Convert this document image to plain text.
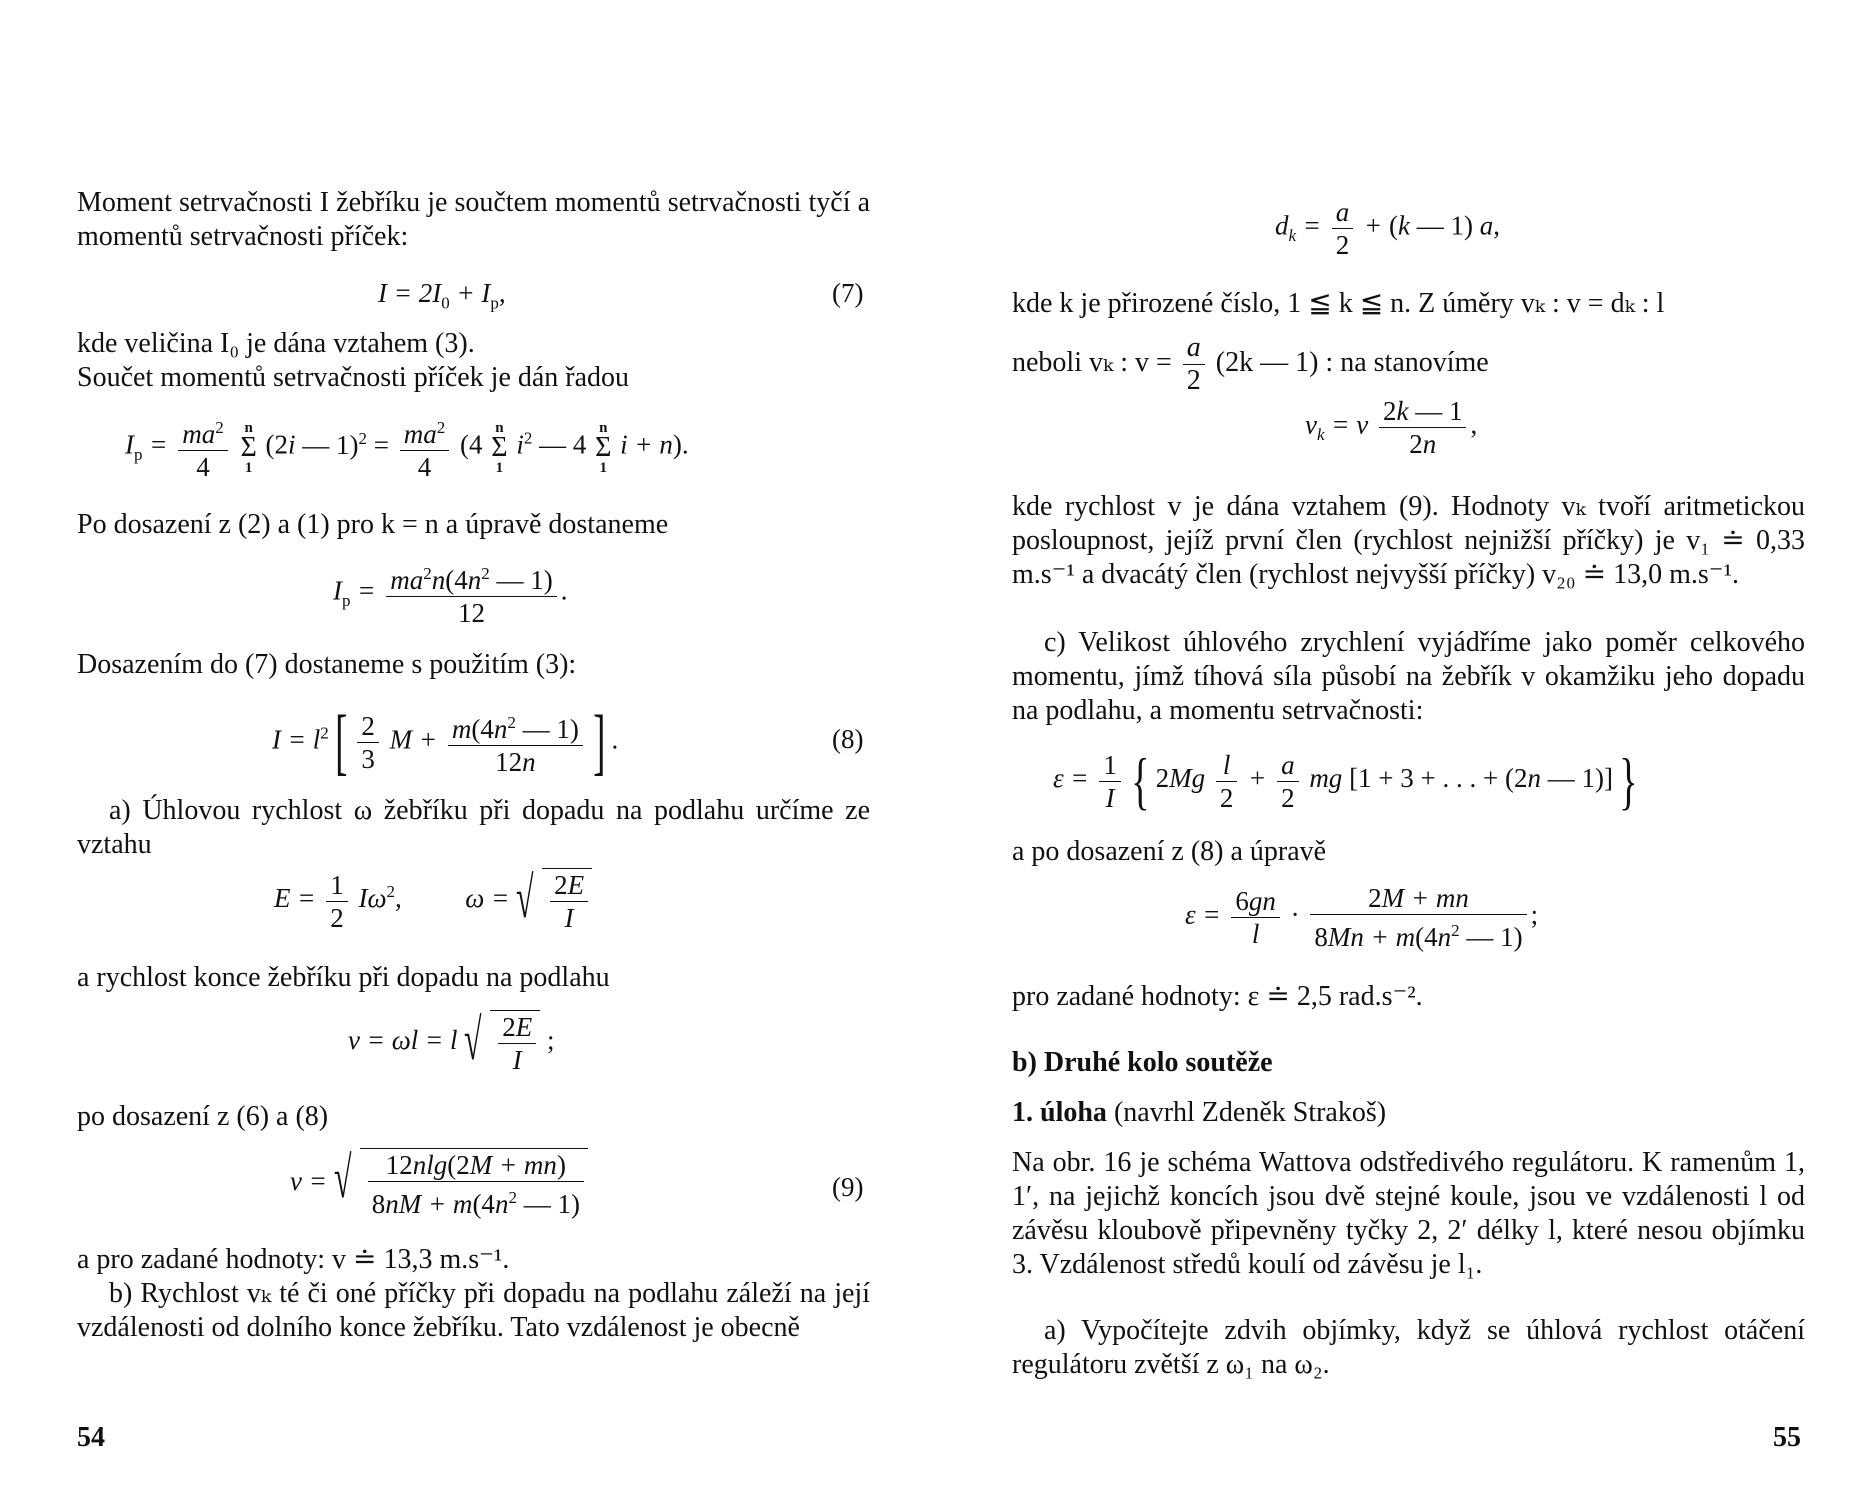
Moment setrvačnosti I žebříku je součtem momentů setrvačnosti tyčí a momentů setrvačnosti příček:
$I = 2I_0 + I_p$,	(7)
kde veličina I₀ je dána vztahem (3).
Součet momentů setrvačnosti příček je dán řadou
$I_p = \frac{ma^2}{4}$
n
Σ
1
(2i — $1)^2 = \frac{ma^2}{4} (4$
n
Σ
1
$i^2$ — 4
n
Σ
1
i + n).
Po dosazení z (2) a (1) pro k = n a úpravě dostaneme
$I_p = \frac{ma^2n(4n^2 — 1)}{12}$ .
Dosazením do (7) dostaneme s použitím (3):
$I = l^2[ \frac{2}{3}$ $M + \frac{m(4n^2 — 1)}{12n}$ ] .	(8)
a) Úhlovou rychlost ω žebříku při dopadu na podlahu určíme ze vztahu
$E = \frac{1}{2} I\omega^2$,  ω = √ $\frac{2E}{I}$
a rychlost konce žebříku při dopadu na podlahu
v = ωl = l √ $\frac{2E}{I}$ ;
po dosazení z (6) a (8)
v = √ $\frac{12nlg(2M + mn)}{8nM + m(4n^2 — 1)}$	(9)
a pro zadané hodnoty: v ≐ 13,3 m.s⁻¹.
b) Rychlost vₖ té či oné příčky při dopadu na podlahu záleží na její vzdálenosti od dolního konce žebříku. Tato vzdálenost je obecně
54
$d_k = \frac{a}{2} + (k$ — 1) a,
kde k je přirozené číslo, 1 ≦ k ≦ n. Z úměry vₖ : v = dₖ : l
neboli vₖ : $v = \frac{a}{2} (2k$ — 1) : na stanovíme
$v_k = v \frac{2k — 1}{2n}$ ,
kde rychlost v je dána vztahem (9). Hodnoty vₖ tvoří aritmetickou posloupnost, jejíž první člen (rychlost nejnižší příčky) je v₁ ≐ 0,33 m.s⁻¹ a dvacátý člen (rychlost nejvyšší příčky) v₂₀ ≐ 13,0 m.s⁻¹.
c) Velikost úhlového zrychlení vyjádříme jako poměr celkového momentu, jímž tíhová síla působí na žebřík v okamžiku jeho dopadu na podlahu, a momentu setrvačnosti:
$\varepsilon = \frac{1}{I}$ { $2Mg \frac{l}{2} + \frac{a}{2}$ mg [1 + 3 + . . . + (2n — 1)]}
a po dosazení z (8) a úpravě
$\varepsilon = \frac{6gn}{l} \cdot \frac{2M + mn}{8Mn + m(4n^2 — 1)}$ ;
pro zadané hodnoty: ε ≐ 2,5 rad.s⁻².
b) Druhé kolo soutěže
1. úloha (navrhl Zdeněk Strakoš)
Na obr. 16 je schéma Wattova odstředivého regulátoru. K ramenům 1, 1′, na jejichž koncích jsou dvě stejné koule, jsou ve vzdálenosti l od závěsu kloubově připevněny tyčky 2, 2′ délky l, které nesou objímku 3. Vzdálenost středů koulí od závěsu je l₁.
a) Vypočítejte zdvih objímky, když se úhlová rychlost otáčení regulátoru zvětší z ω₁ na ω₂.
55
